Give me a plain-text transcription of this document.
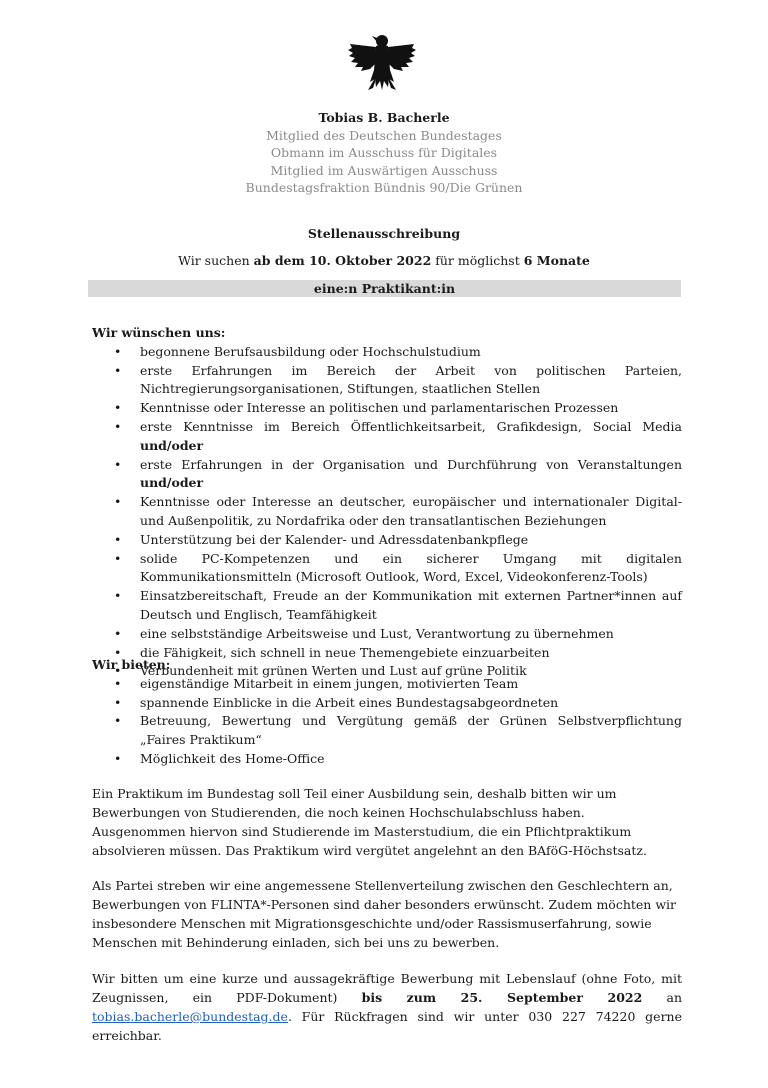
Tobias B. Bacherle
Mitglied des Deutschen Bundestages
Obmann im Ausschuss für Digitales
Mitglied im Auswärtigen Ausschuss
Bundestagsfraktion Bündnis 90/Die Grünen
Stellenausschreibung
Wir suchen ab dem 10. Oktober 2022 für möglichst 6 Monate
eine:n Praktikant:in
Wir wünschen uns:
• begonnene Berufsausbildung oder Hochschulstudium
• erste Erfahrungen im Bereich der Arbeit von politischen Parteien, Nichtregierungsorganisationen, Stiftungen, staatlichen Stellen
• Kenntnisse oder Interesse an politischen und parlamentarischen Prozessen
• erste Kenntnisse im Bereich Öffentlichkeitsarbeit, Grafikdesign, Social Media und/oder
• erste Erfahrungen in der Organisation und Durchführung von Veranstaltungen und/oder
• Kenntnisse oder Interesse an deutscher, europäischer und internationaler Digital- und Außenpolitik, zu Nordafrika oder den transatlantischen Beziehungen
• Unterstützung bei der Kalender- und Adressdatenbankpflege
• solide PC-Kompetenzen und ein sicherer Umgang mit digitalen Kommunikationsmitteln (Microsoft Outlook, Word, Excel, Videokonferenz-Tools)
• Einsatzbereitschaft, Freude an der Kommunikation mit externen Partner*innen auf Deutsch und Englisch, Teamfähigkeit
• eine selbstständige Arbeitsweise und Lust, Verantwortung zu übernehmen
• die Fähigkeit, sich schnell in neue Themengebiete einzuarbeiten
• Verbundenheit mit grünen Werten und Lust auf grüne Politik
Wir bieten:
• eigenständige Mitarbeit in einem jungen, motivierten Team
• spannende Einblicke in die Arbeit eines Bundestagsabgeordneten
• Betreuung, Bewertung und Vergütung gemäß der Grünen Selbstverpflichtung „Faires Praktikum“
• Möglichkeit des Home-Office
Ein Praktikum im Bundestag soll Teil einer Ausbildung sein, deshalb bitten wir um Bewerbungen von Studierenden, die noch keinen Hochschulabschluss haben. Ausgenommen hiervon sind Studierende im Masterstudium, die ein Pflichtpraktikum absolvieren müssen. Das Praktikum wird vergütet angelehnt an den BAföG-Höchstsatz.
Als Partei streben wir eine angemessene Stellenverteilung zwischen den Geschlechtern an, Bewerbungen von FLINTA*-Personen sind daher besonders erwünscht. Zudem möchten wir insbesondere Menschen mit Migrationsgeschichte und/oder Rassismuserfahrung, sowie Menschen mit Behinderung einladen, sich bei uns zu bewerben.
Wir bitten um eine kurze und aussagekräftige Bewerbung mit Lebenslauf (ohne Foto, mit Zeugnissen, ein PDF-Dokument) bis zum 25. September 2022 an tobias.bacherle@bundestag.de. Für Rückfragen sind wir unter 030 227 74220 gerne erreichbar.
